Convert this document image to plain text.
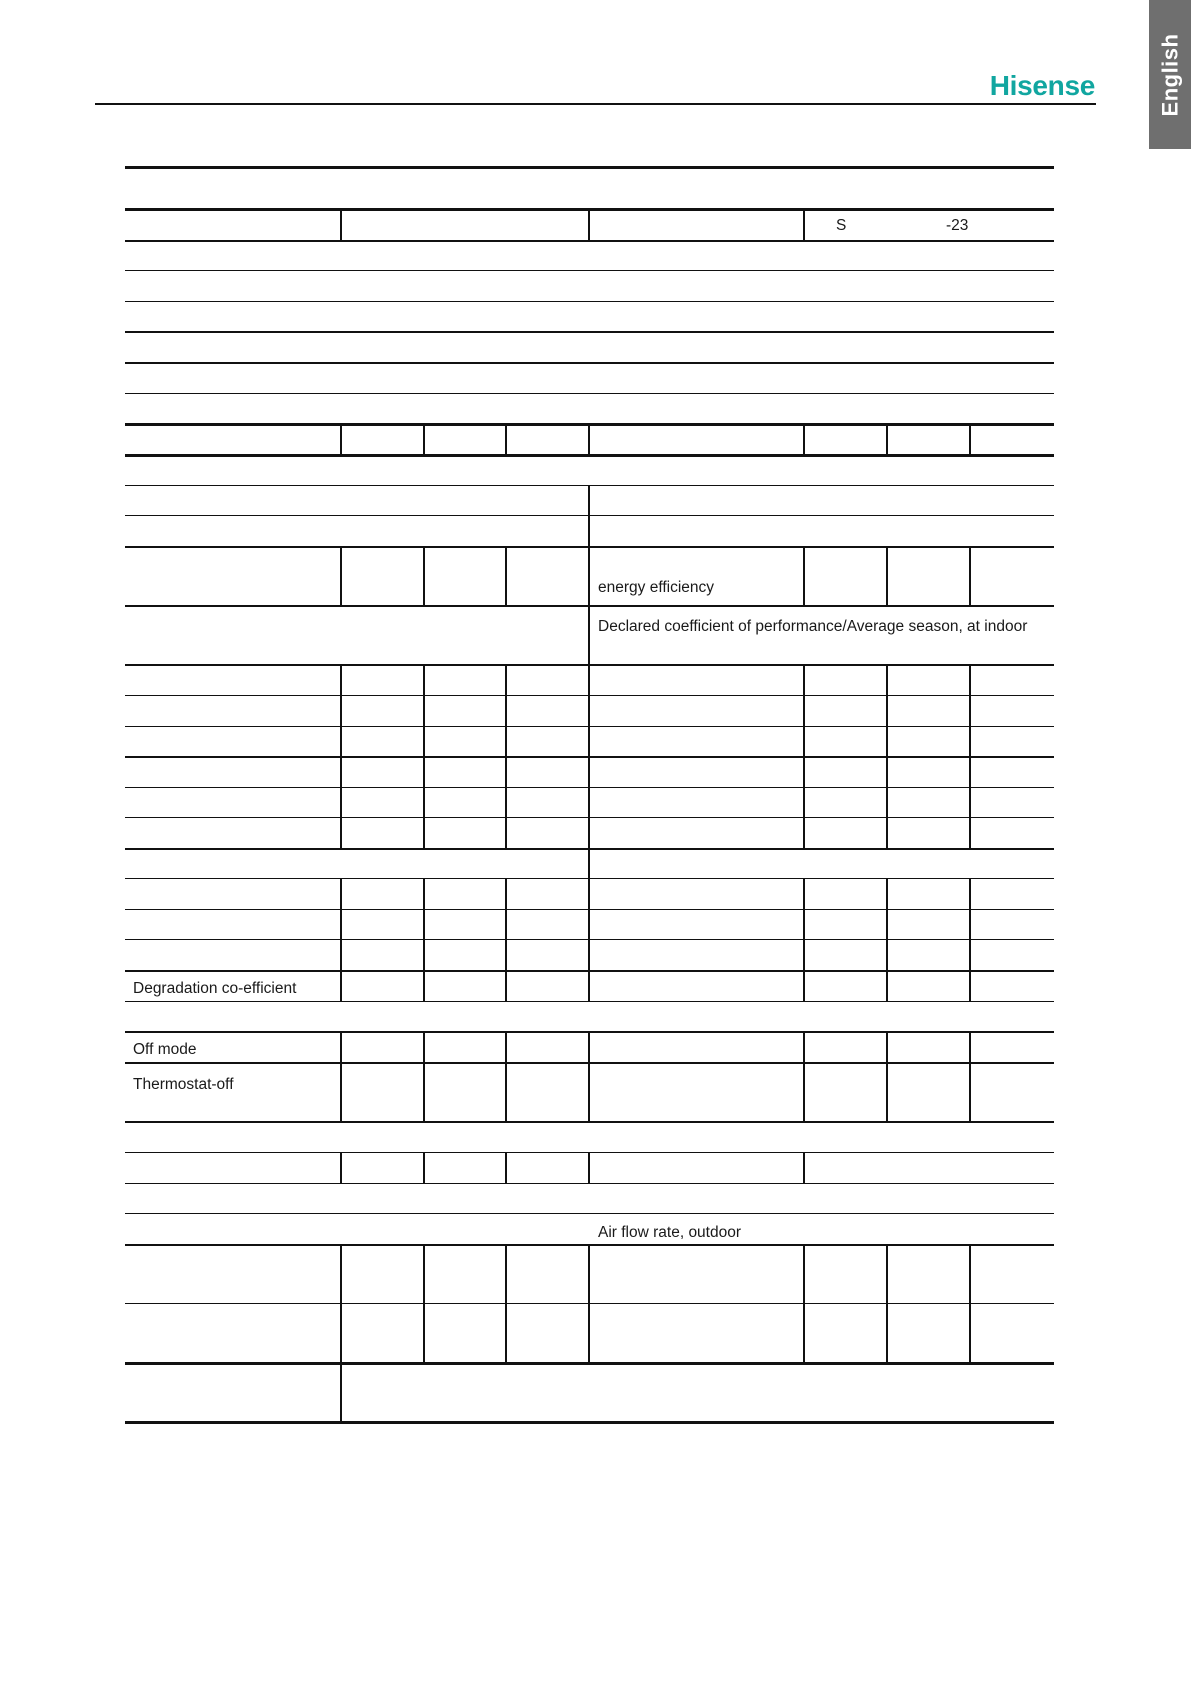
English
Hisense
S	-23
energy efficiency
Declared coefficient of performance/Average season, at indoor
Degradation co-efficient
Off mode
Thermostat-off
Air flow rate, outdoor
